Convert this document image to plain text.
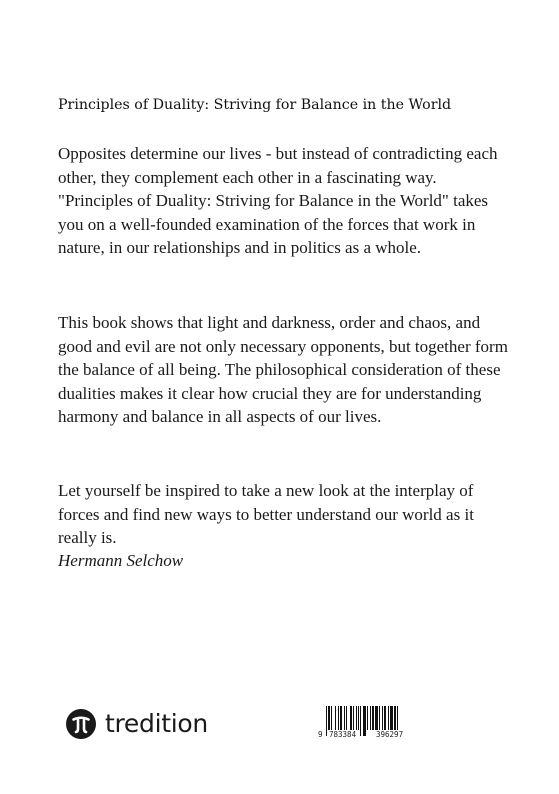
Principles of Duality: Striving for Balance in the World

Opposites determine our lives - but instead of contradicting each other, they complement each other in a fascinating way. "Principles of Duality: Striving for Balance in the World" takes you on a well-founded examination of the forces that work in nature, in our relationships and in politics as a whole.

This book shows that light and darkness, order and chaos, and good and evil are not only necessary opponents, but together form the balance of all being. The philosophical consideration of these dualities makes it clear how crucial they are for understanding harmony and balance in all aspects of our lives.

Let yourself be inspired to take a new look at the interplay of forces and find new ways to better understand our world as it really is.

Hermann Selchow
tredition	9 783384	396297
